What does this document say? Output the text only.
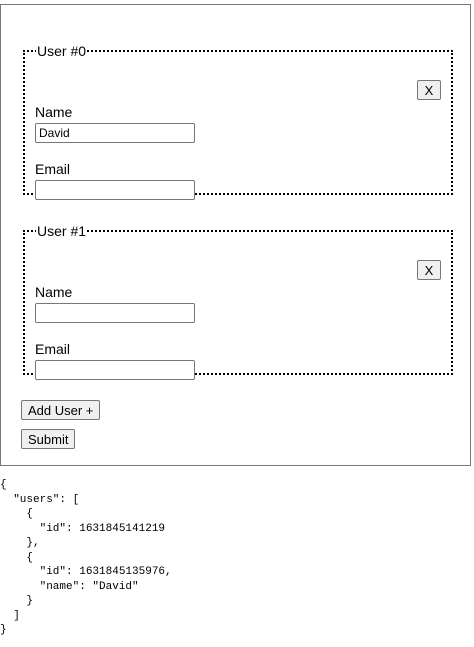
User #0
X
Name
David
Email
User #1
X
Name
Email
Add User +
Submit
{
"users": [
{
"id": 1631845141219
},
{
"id": 1631845135976,
"name": "David"
}
]
}
